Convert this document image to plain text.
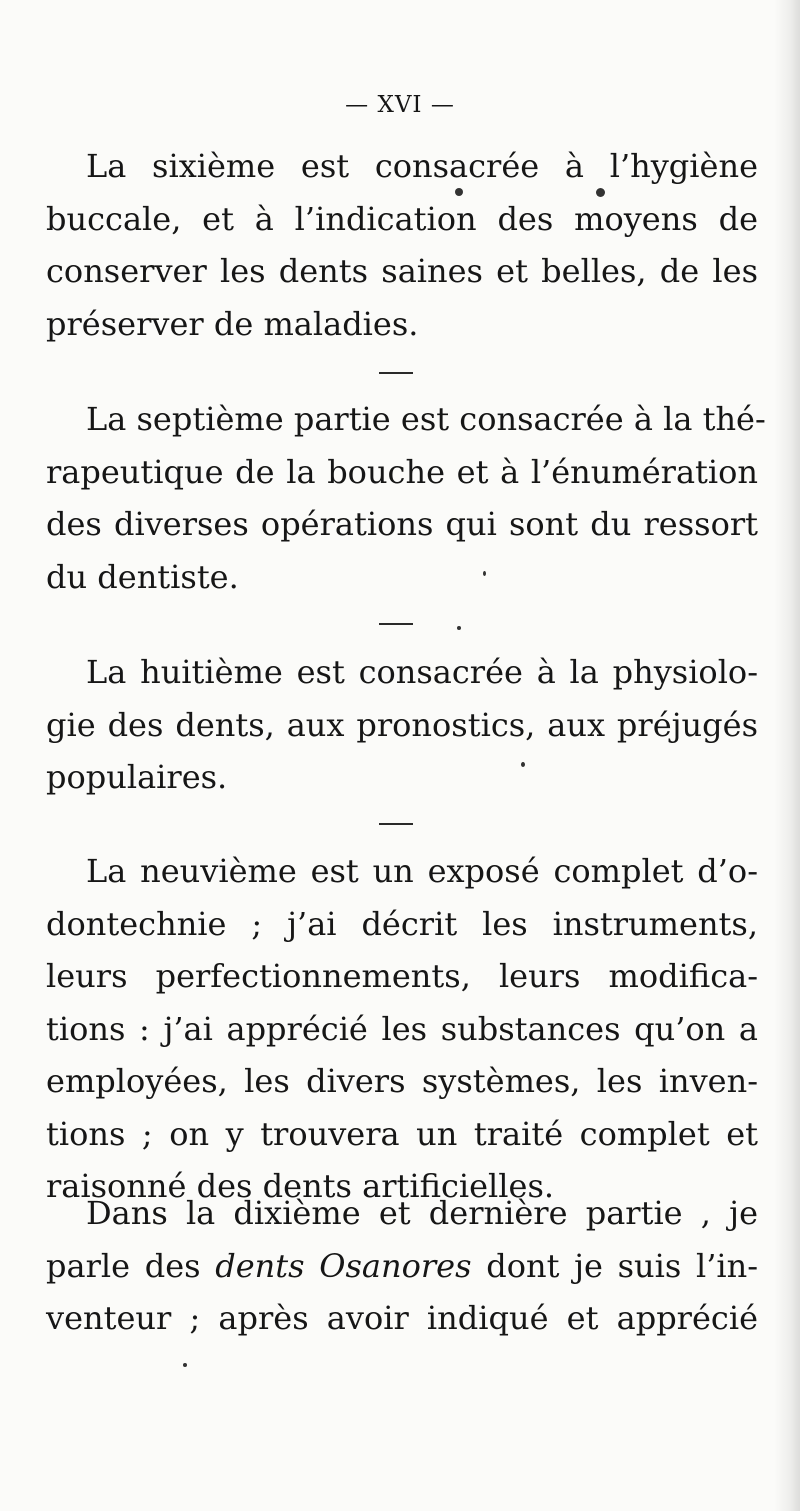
— XVI —

La sixième est consacrée à l’hygiène
buccale, et à l’indication des moyens de
conserver les dents saines et belles, de les
préserver de maladies.

La septième partie est consacrée à la thé-
rapeutique de la bouche et à l’énumération
des diverses opérations qui sont du ressort
du dentiste.

La huitième est consacrée à la physiolo-
gie des dents, aux pronostics, aux préjugés
populaires.

La neuvième est un exposé complet d’o-
dontechnie ; j’ai décrit les instruments,
leurs perfectionnements, leurs modifica-
tions : j’ai apprécié les substances qu’on a
employées, les divers systèmes, les inven-
tions ; on y trouvera un traité complet et
raisonné des dents artificielles.

Dans la dixième et dernière partie , je
parle des dents Osanores dont je suis l’in-
venteur ; après avoir indiqué et apprécié
